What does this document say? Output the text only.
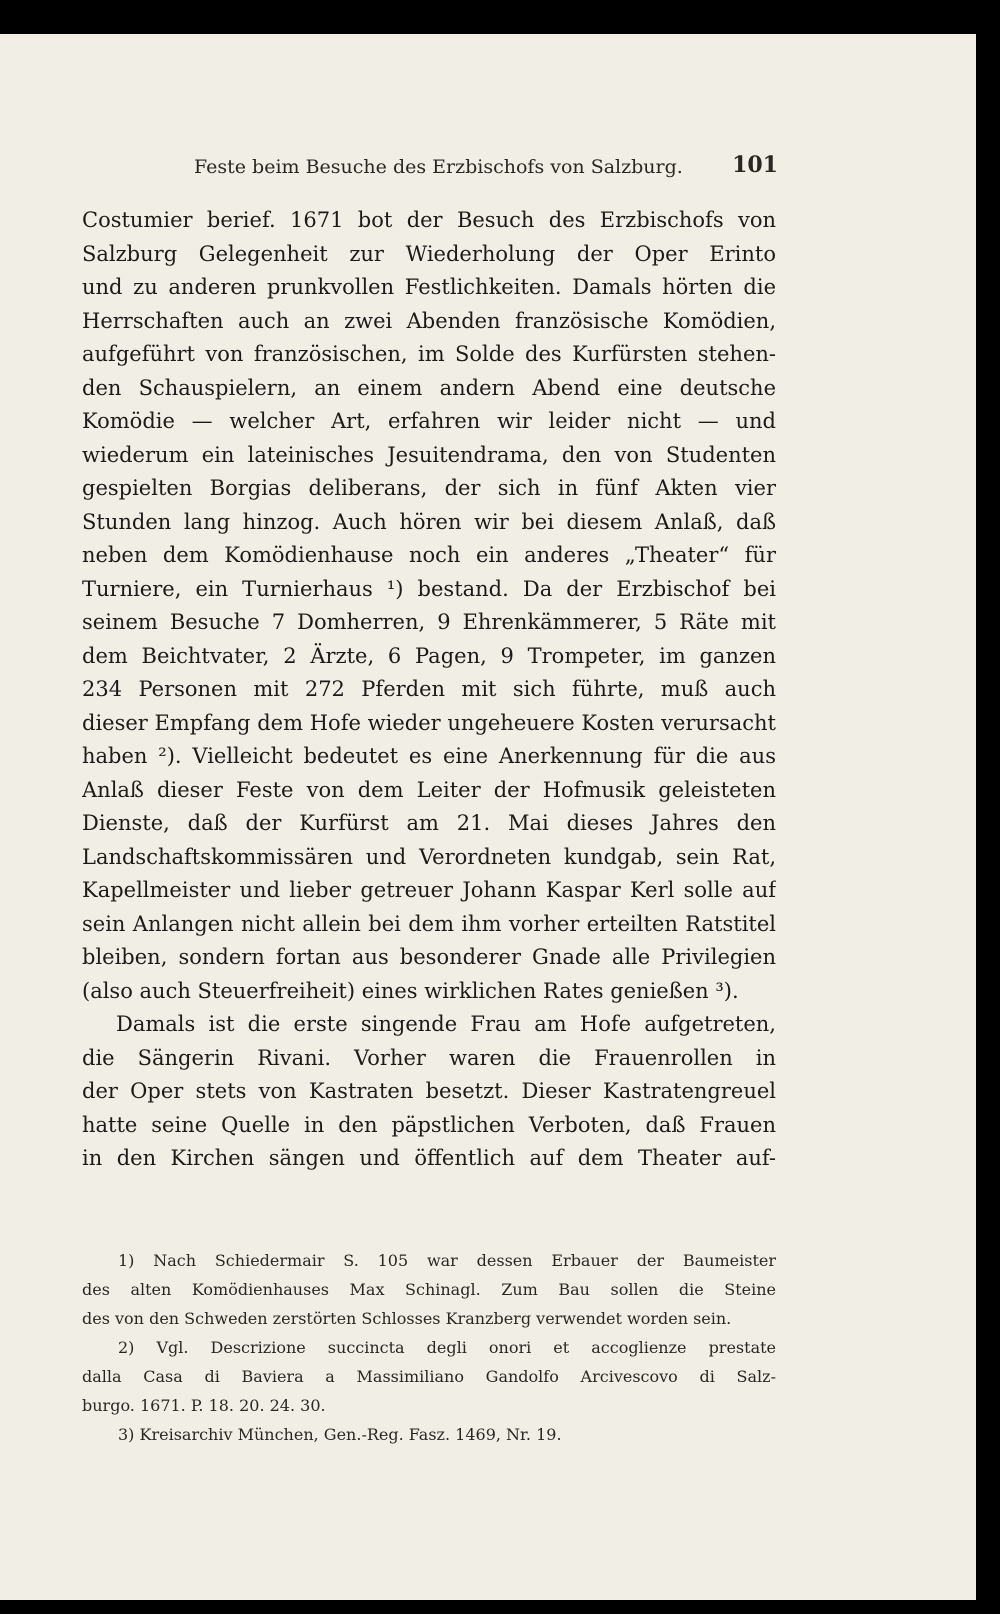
Feste beim Besuche des Erzbischofs von Salzburg. 101
Costumier berief. 1671 bot der Besuch des Erzbischofs von
Salzburg Gelegenheit zur Wiederholung der Oper Erinto
und zu anderen prunkvollen Festlichkeiten. Damals hörten die
Herrschaften auch an zwei Abenden französische Komödien,
aufgeführt von französischen, im Solde des Kurfürsten stehen-
den Schauspielern, an einem andern Abend eine deutsche
Komödie — welcher Art, erfahren wir leider nicht — und
wiederum ein lateinisches Jesuitendrama, den von Studenten
gespielten Borgias deliberans, der sich in fünf Akten vier
Stunden lang hinzog. Auch hören wir bei diesem Anlaß, daß
neben dem Komödienhause noch ein anderes „Theater“ für
Turniere, ein Turnierhaus ¹) bestand. Da der Erzbischof bei
seinem Besuche 7 Domherren, 9 Ehrenkämmerer, 5 Räte mit
dem Beichtvater, 2 Ärzte, 6 Pagen, 9 Trompeter, im ganzen
234 Personen mit 272 Pferden mit sich führte, muß auch
dieser Empfang dem Hofe wieder ungeheuere Kosten verursacht
haben ²). Vielleicht bedeutet es eine Anerkennung für die aus
Anlaß dieser Feste von dem Leiter der Hofmusik geleisteten
Dienste, daß der Kurfürst am 21. Mai dieses Jahres den
Landschaftskommissären und Verordneten kundgab, sein Rat,
Kapellmeister und lieber getreuer Johann Kaspar Kerl solle auf
sein Anlangen nicht allein bei dem ihm vorher erteilten Ratstitel
bleiben, sondern fortan aus besonderer Gnade alle Privilegien
(also auch Steuerfreiheit) eines wirklichen Rates genießen ³).
Damals ist die erste singende Frau am Hofe aufgetreten,
die Sängerin Rivani. Vorher waren die Frauenrollen in
der Oper stets von Kastraten besetzt. Dieser Kastratengreuel
hatte seine Quelle in den päpstlichen Verboten, daß Frauen
in den Kirchen sängen und öffentlich auf dem Theater auf-
1) Nach Schiedermair S. 105 war dessen Erbauer der Baumeister
des alten Komödienhauses Max Schinagl. Zum Bau sollen die Steine
des von den Schweden zerstörten Schlosses Kranzberg verwendet worden sein.
2) Vgl. Descrizione succincta degli onori et accoglienze prestate
dalla Casa di Baviera a Massimiliano Gandolfo Arcivescovo di Salz-
burgo. 1671. P. 18. 20. 24. 30.
3) Kreisarchiv München, Gen.-Reg. Fasz. 1469, Nr. 19.
